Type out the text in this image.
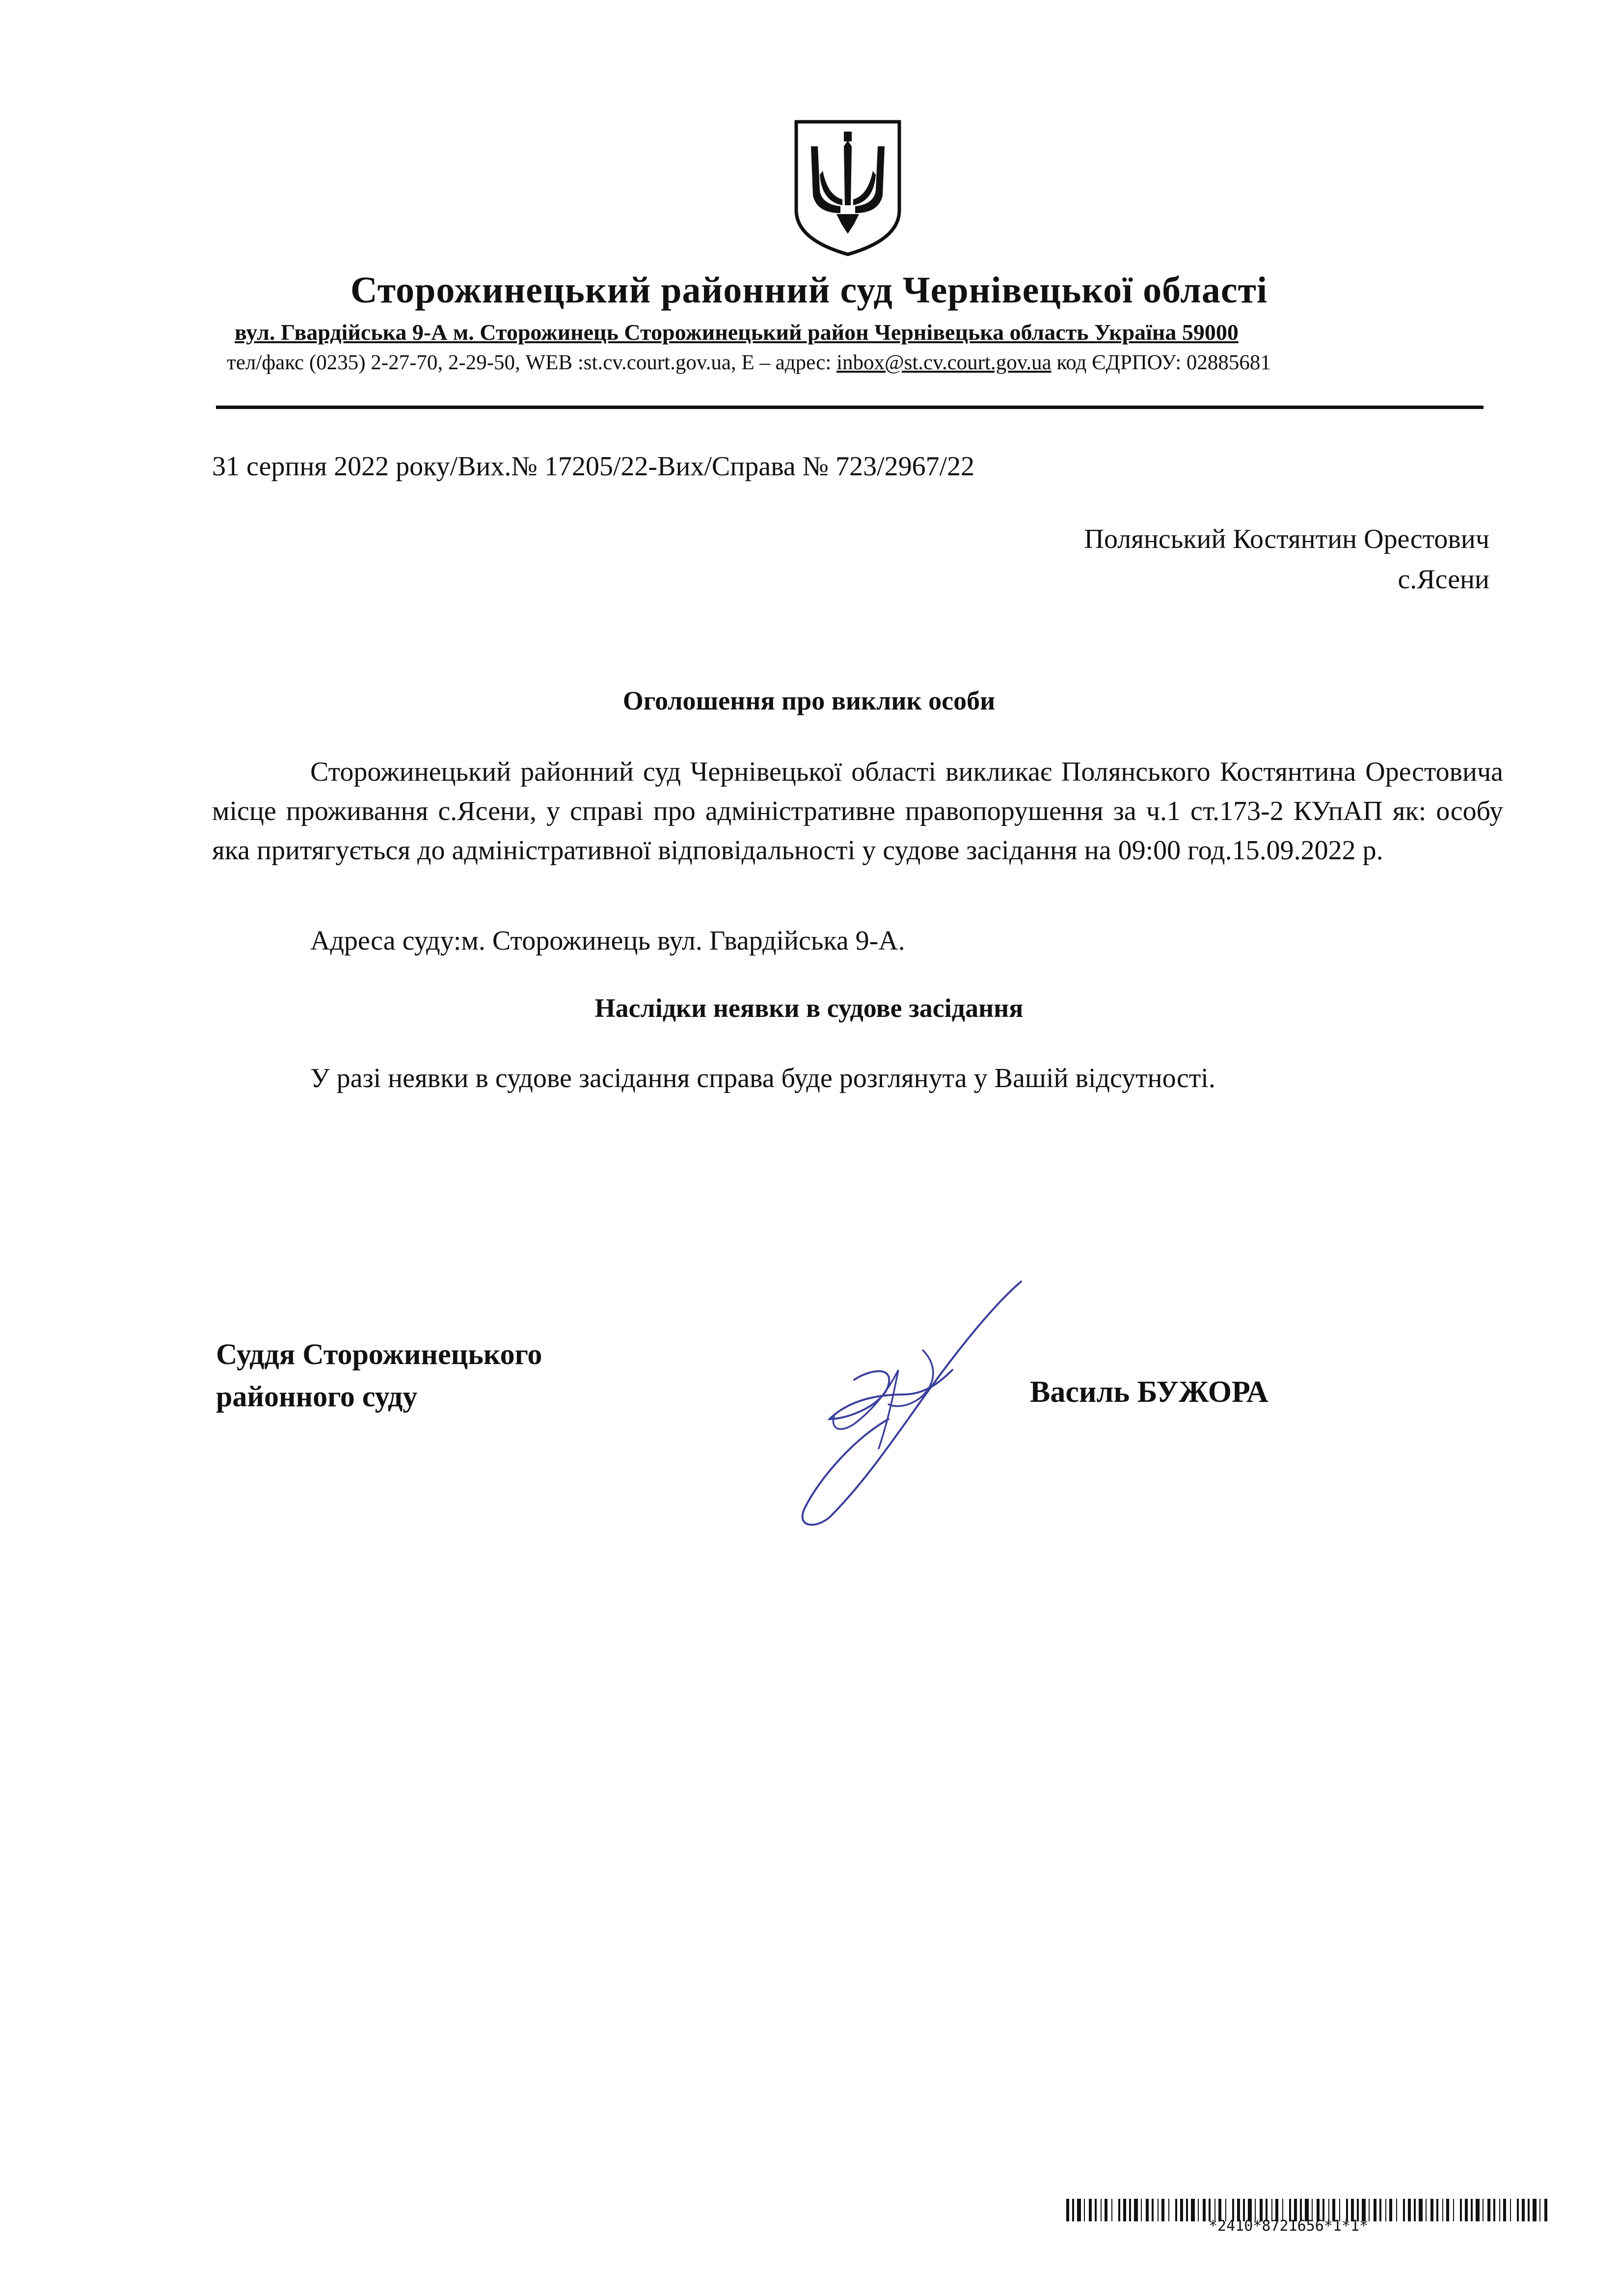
Сторожинецький районний суд Чернівецької області
вул. Гвардійська 9-А м. Сторожинець Сторожинецький район Чернівецька область Україна 59000
тел/факс (0235) 2-27-70, 2-29-50, WEB :st.cv.court.gov.ua, E – адрес: inbox@st.cv.court.gov.ua код ЄДРПОУ: 02885681
31 серпня 2022 року/Вих.№ 17205/22-Вих/Справа № 723/2967/22
Полянський Костянтин Орестович
с.Ясени
Оголошення про виклик особи

Сторожинецький районний суд Чернівецької області викликає Полянського Костянтина Орестовича місце проживання с.Ясени, у справі про адміністративне правопорушення за ч.1 ст.173-2 КУпАП як: особу яка притягується до адміністративної відповідальності у судове засідання на 09:00 год.15.09.2022 р.

Адреса суду:м. Сторожинець вул. Гвардійська 9-А.
Наслідки неявки в судове засідання
У разі неявки в судове засідання справа буде розглянута у Вашій відсутності.
Суддя Сторожинецького
районного суду	Василь БУЖОРА
*2410*8721656*1*1*
